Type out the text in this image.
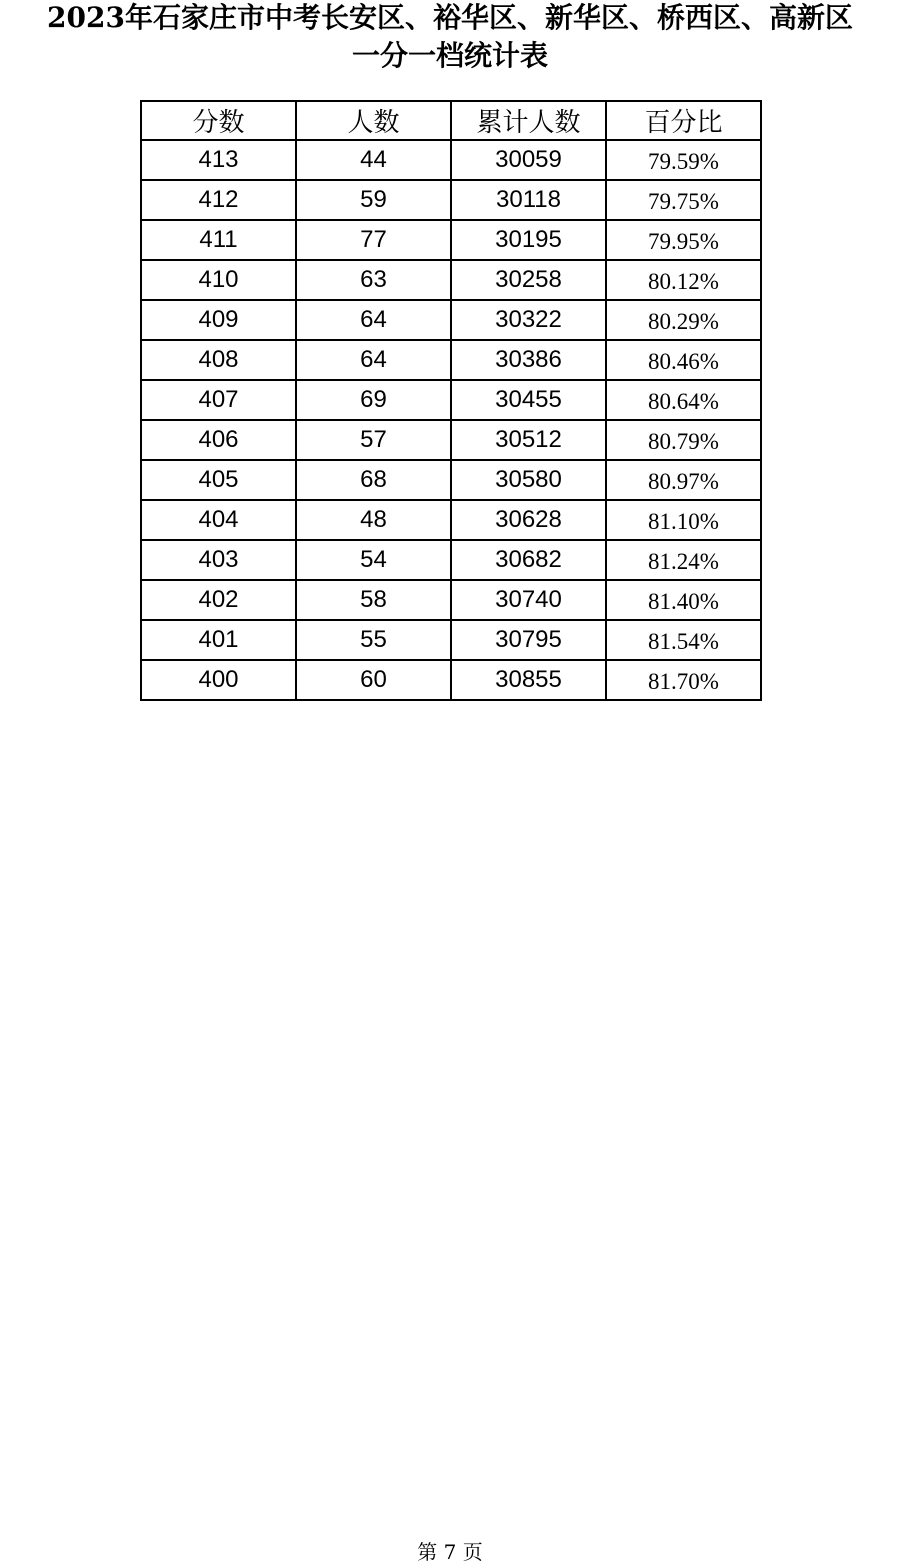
2023年石家庄市中考长安区、裕华区、新华区、桥西区、高新区
一分一档统计表
分数	人数	累计人数	百分比
413	44	30059	79.59%
412	59	30118	79.75%
411	77	30195	79.95%
410	63	30258	80.12%
409	64	30322	80.29%
408	64	30386	80.46%
407	69	30455	80.64%
406	57	30512	80.79%
405	68	30580	80.97%
404	48	30628	81.10%
403	54	30682	81.24%
402	58	30740	81.40%
401	55	30795	81.54%
400	60	30855	81.70%
第 7 页
